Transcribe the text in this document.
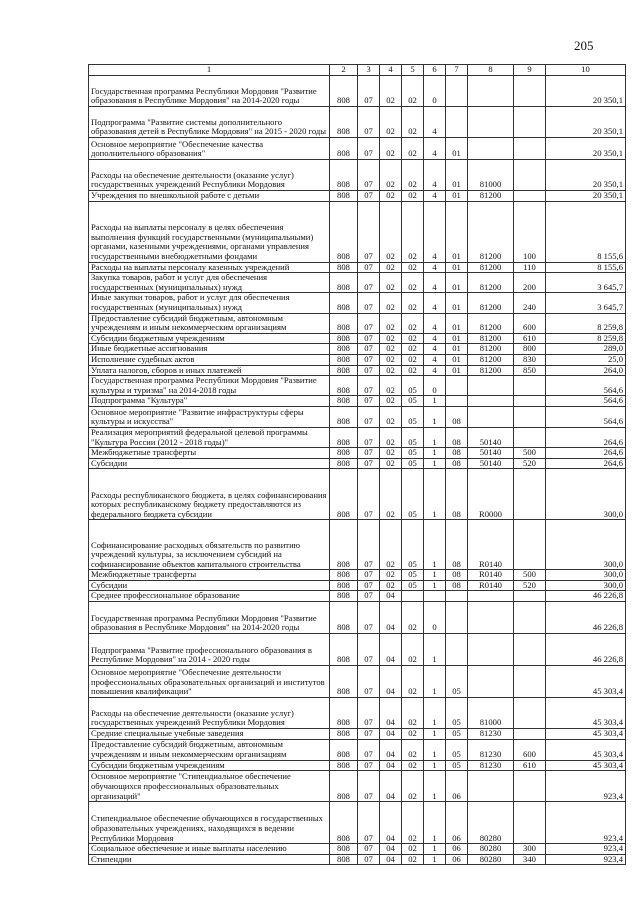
205
1	2	3	4	5	6	7	8	9	10
Государственная программа Республики Мордовия "Развитие образования в Республике Мордовия" на 2014-2020 годы	808	07	02	02	0				20 350,1
Подпрограмма "Развитие системы дополнительного образования детей в Республике Мордовия" на 2015 - 2020 годы	808	07	02	02	4				20 350,1
Основное мероприятие "Обеспечение качества дополнительного образования"	808	07	02	02	4	01			20 350,1
Расходы на обеспечение деятельности (оказание услуг) государственных учреждений Республики Мордовия	808	07	02	02	4	01	81000		20 350,1
Учреждения по внешкольной работе с детьми	808	07	02	02	4	01	81200		20 350,1
Расходы на выплаты персоналу в целях обеспечения выполнения функций государственными (муниципальными) органами, казенными учреждениями, органами управления государственными внебюджетными фондами	808	07	02	02	4	01	81200	100	8 155,6
Расходы на выплаты персоналу казенных учреждений	808	07	02	02	4	01	81200	110	8 155,6
Закупка товаров, работ и услуг для обеспечения государственных (муниципальных) нужд	808	07	02	02	4	01	81200	200	3 645,7
Иные закупки товаров, работ и услуг для обеспечения государственных (муниципальных) нужд	808	07	02	02	4	01	81200	240	3 645,7
Предоставление субсидий бюджетным, автономным учреждениям и иным некоммерческим организациям	808	07	02	02	4	01	81200	600	8 259,8
Субсидии бюджетным учреждениям	808	07	02	02	4	01	81200	610	8 259,8
Иные бюджетные ассигнования	808	07	02	02	4	01	81200	800	289,0
Исполнение судебных актов	808	07	02	02	4	01	81200	830	25,0
Уплата налогов, сборов и иных платежей	808	07	02	02	4	01	81200	850	264,0
Государственная программа Республики Мордовия "Развитие культуры и туризма" на 2014-2018 годы	808	07	02	05	0				564,6
Подпрограмма "Культура"	808	07	02	05	1				564,6
Основное мероприятие "Развитие инфраструктуры сферы культуры и искусства"	808	07	02	05	1	08			564,6
Реализация мероприятий федеральной целевой программы "Культура России (2012 - 2018 годы)"	808	07	02	05	1	08	50140		264,6
Межбюджетные трансферты	808	07	02	05	1	08	50140	500	264,6
Субсидии	808	07	02	05	1	08	50140	520	264,6
Расходы республиканского бюджета, в целях софинансирования которых республиканскому бюджету предоставляются из федерального бюджета субсидии	808	07	02	05	1	08	R0000		300,0
Софинансирование расходных обязательств по развитию учреждений культуры, за исключением субсидий на софинансирование объектов капитального строительства	808	07	02	05	1	08	R0140		300,0
Межбюджетные трансферты	808	07	02	05	1	08	R0140	500	300,0
Субсидии	808	07	02	05	1	08	R0140	520	300,0
Среднее профессиональное образование	808	07	04						46 226,8
Государственная программа Республики Мордовия "Развитие образования в Республике Мордовия" на 2014-2020 годы	808	07	04	02	0				46 226,8
Подпрограмма "Развитие профессионального образования в Республике Мордовия" на 2014 - 2020 годы	808	07	04	02	1				46 226,8
Основное мероприятие "Обеспечение деятельности профессиональных образовательных организаций и институтов повышения квалификации"	808	07	04	02	1	05			45 303,4
Расходы на обеспечение деятельности (оказание услуг) государственных учреждений Республики Мордовия	808	07	04	02	1	05	81000		45 303,4
Средние специальные учебные заведения	808	07	04	02	1	05	81230		45 303,4
Предоставление субсидий бюджетным, автономным учреждениям и иным некоммерческим организациям	808	07	04	02	1	05	81230	600	45 303,4
Субсидии бюджетным учреждениям	808	07	04	02	1	05	81230	610	45 303,4
Основное мероприятие "Стипендиальное обеспечение обучающихся профессиональных образовательных организаций"	808	07	04	02	1	06			923,4
Стипендиальное обеспечение обучающихся в государственных образовательных учреждениях, находящихся в ведении Республики Мордовия	808	07	04	02	1	06	80280		923,4
Социальное обеспечение и иные выплаты населению	808	07	04	02	1	06	80280	300	923,4
Стипендии	808	07	04	02	1	06	80280	340	923,4
